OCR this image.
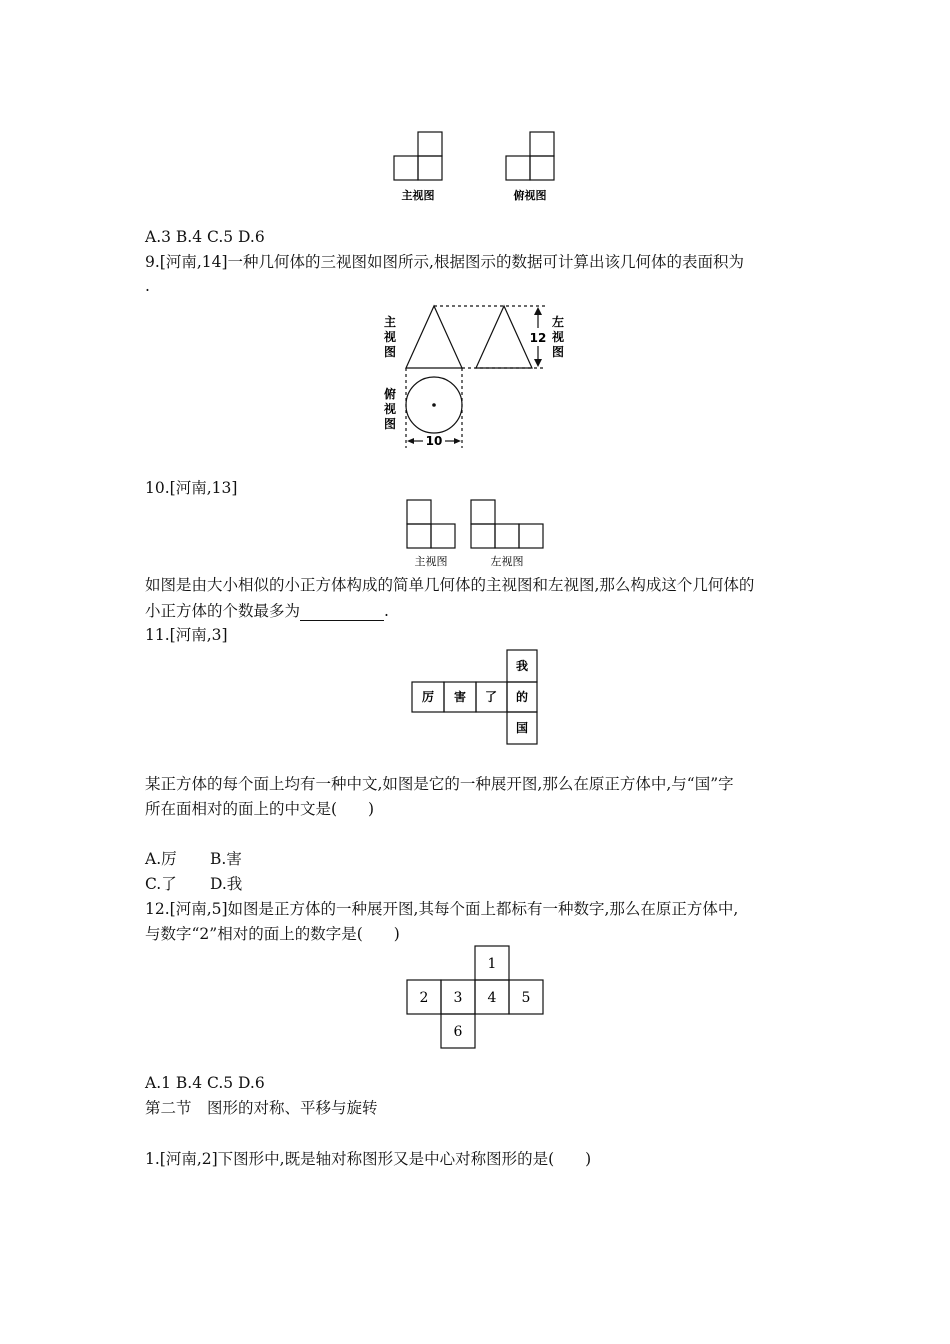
主视图	俯视图
A.3 B.4 C.5 D.6
9.[河南,14]一种几何体的三视图如图所示,根据图示的数据可计算出该几何体的表面积为
.
12
10
主
视
图
左
视
图
俯
视
图
10.[河南,13]
主视图	左视图
如图是由大小相似的小正方体构成的简单几何体的主视图和左视图,那么构成这个几何体的
小正方体的个数最多为	.
11.[河南,3]
我
厉 害 了 的
国
某正方体的每个面上均有一种中文,如图是它的一种展开图,那么在原正方体中,与“国”字
所在面相对的面上的中文是(　　)
A.厉 B.害
C.了 D.我
12.[河南,5]如图是正方体的一种展开图,其每个面上都标有一种数字,那么在原正方体中,
与数字“2”相对的面上的数字是(　　)
1
2 3 4 5
6
A.1 B.4 C.5 D.6
第二节　图形的对称、平移与旋转
1.[河南,2]下图形中,既是轴对称图形又是中心对称图形的是(　　)
